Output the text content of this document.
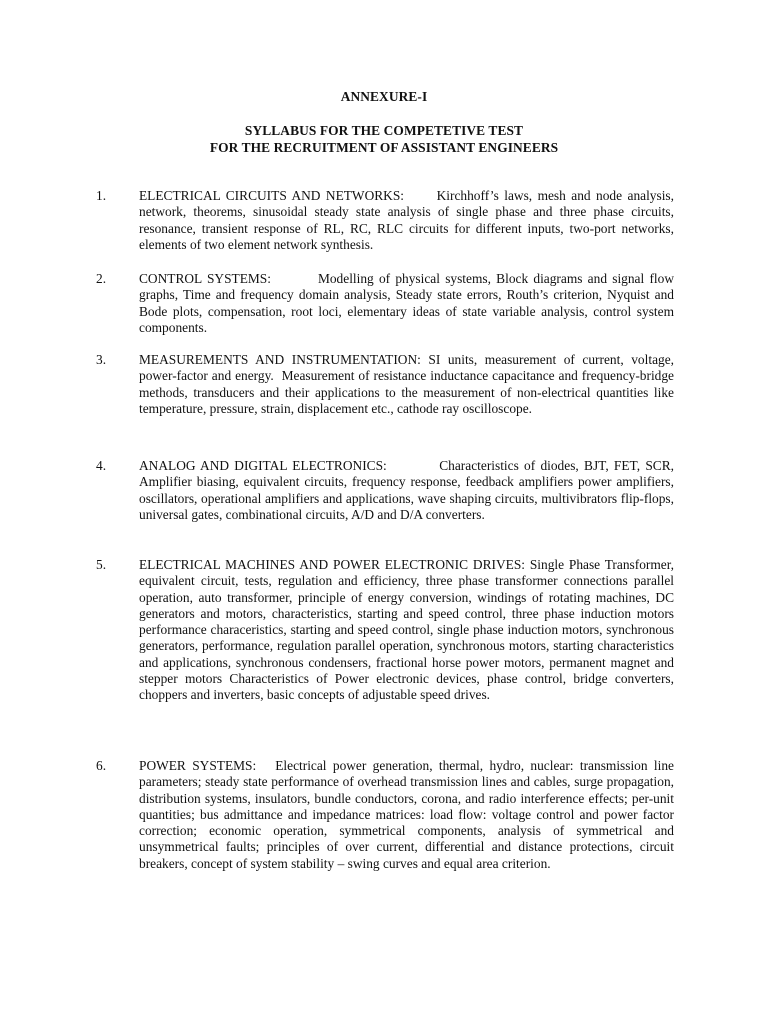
ANNEXURE-I
SYLLABUS FOR THE COMPETETIVE TEST
FOR THE RECRUITMENT OF ASSISTANT ENGINEERS
1. ELECTRICAL CIRCUITS AND NETWORKS:      Kirchhoff’s laws, mesh and node analysis, network, theorems, sinusoidal steady state analysis of single phase and three phase circuits, resonance, transient response of RL, RC, RLC circuits for different inputs, two-port networks, elements of two element network synthesis.
2. CONTROL SYSTEMS:         Modelling of physical systems, Block diagrams and signal flow graphs, Time and frequency domain analysis, Steady state errors, Routh’s criterion, Nyquist and Bode plots, compensation, root loci, elementary ideas of state variable analysis, control system components.
3. MEASUREMENTS AND INSTRUMENTATION: SI units, measurement of current, voltage, power-factor and energy.  Measurement of resistance inductance capacitance and frequency-bridge methods, transducers and their applications to the measurement of non-electrical quantities like temperature, pressure, strain, displacement etc., cathode ray oscilloscope.
4. ANALOG AND DIGITAL ELECTRONICS:          Characteristics of diodes, BJT, FET, SCR, Amplifier biasing, equivalent circuits, frequency response, feedback amplifiers power amplifiers, oscillators, operational amplifiers and applications, wave shaping circuits, multivibrators flip-flops, universal gates, combinational circuits, A/D and D/A converters.
5. ELECTRICAL MACHINES AND POWER ELECTRONIC DRIVES: Single Phase Transformer, equivalent circuit, tests, regulation and efficiency, three phase transformer connections parallel operation, auto transformer, principle of energy conversion, windings of rotating machines, DC generators and motors, characteristics, starting and speed control, three phase induction motors performance characeristics, starting and speed control, single phase induction motors, synchronous generators, performance, regulation parallel operation, synchronous motors, starting characteristics and applications, synchronous condensers, fractional horse power motors, permanent magnet and stepper motors Characteristics of Power electronic devices, phase control, bridge converters, choppers and inverters, basic concepts of adjustable speed drives.
6. POWER SYSTEMS:   Electrical power generation, thermal, hydro, nuclear: transmission line parameters; steady state performance of overhead transmission lines and cables, surge propagation, distribution systems, insulators, bundle conductors, corona, and radio interference effects; per-unit quantities; bus admittance and impedance matrices: load flow: voltage control and power factor correction; economic operation, symmetrical components, analysis of symmetrical and unsymmetrical faults; principles of over current, differential and distance protections, circuit breakers, concept of system stability – swing curves and equal area criterion.
